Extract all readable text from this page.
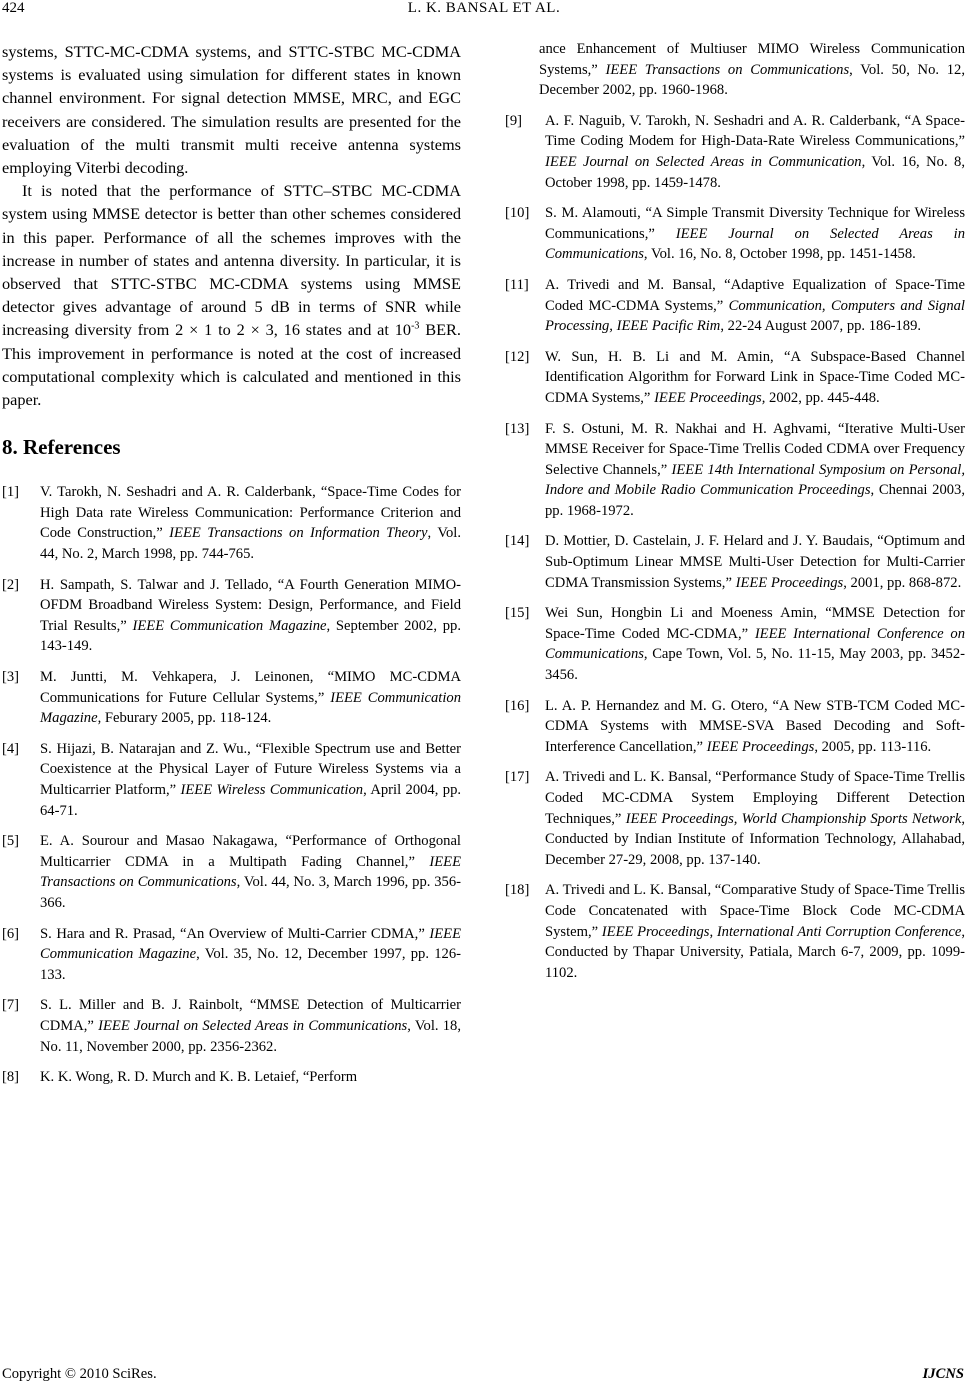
424	L. K. BANSAL ET AL.

systems, STTC-MC-CDMA systems, and STTC-STBC MC-CDMA systems is evaluated using simulation for different states in known channel environment. For signal detection MMSE, MRC, and EGC receivers are considered. The simulation results are presented for the evaluation of the multi transmit multi receive antenna systems employing Viterbi decoding.

It is noted that the performance of STTC–STBC MC-CDMA system using MMSE detector is better than other schemes considered in this paper. Performance of all the schemes improves with the increase in number of states and antenna diversity. In particular, it is observed that STTC-STBC MC-CDMA systems using MMSE detector gives advantage of around 5 dB in terms of SNR while increasing diversity from 2 × 1 to 2 × 3, 16 states and at $10^{-3}$ BER. This improvement in performance is noted at the cost of increased computational complexity which is calculated and mentioned in this paper.

8. References
[1]	V. Tarokh, N. Seshadri and A. R. Calderbank, “Space-Time Codes for High Data rate Wireless Communication: Performance Criterion and Code Construction,” IEEE Transactions on Information Theory, Vol. 44, No. 2, March 1998, pp. 744-765.
[2]	H. Sampath, S. Talwar and J. Tellado, “A Fourth Generation MIMO-OFDM Broadband Wireless System: Design, Performance, and Field Trial Results,” IEEE Communication Magazine, September 2002, pp. 143-149.
[3]	M. Juntti, M. Vehkapera, J. Leinonen, “MIMO MC-CDMA Communications for Future Cellular Systems,” IEEE Communication Magazine, Feburary 2005, pp. 118-124.
[4]	S. Hijazi, B. Natarajan and Z. Wu., “Flexible Spectrum use and Better Coexistence at the Physical Layer of Future Wireless Systems via a Multicarrier Platform,” IEEE Wireless Communication, April 2004, pp. 64-71.
[5]	E. A. Sourour and Masao Nakagawa, “Performance of Orthogonal Multicarrier CDMA in a Multipath Fading Channel,” IEEE Transactions on Communications, Vol. 44, No. 3, March 1996, pp. 356-366.
[6]	S. Hara and R. Prasad, “An Overview of Multi-Carrier CDMA,” IEEE Communication Magazine, Vol. 35, No. 12, December 1997, pp. 126-133.
[7]	S. L. Miller and B. J. Rainbolt, “MMSE Detection of Multicarrier CDMA,” IEEE Journal on Selected Areas in Communications, Vol. 18, No. 11, November 2000, pp. 2356-2362.
[8]	K. K. Wong, R. D. Murch and K. B. Letaief, “Perform
ance Enhancement of Multiuser MIMO Wireless Communication Systems,” IEEE Transactions on Communications, Vol. 50, No. 12, December 2002, pp. 1960-1968.
[9]	A. F. Naguib, V. Tarokh, N. Seshadri and A. R. Calderbank, “A Space-Time Coding Modem for High-Data-Rate Wireless Communications,” IEEE Journal on Selected Areas in Communication, Vol. 16, No. 8, October 1998, pp. 1459-1478.
[10]	S. M. Alamouti, “A Simple Transmit Diversity Technique for Wireless Communications,” IEEE Journal on Selected Areas in Communications, Vol. 16, No. 8, October 1998, pp. 1451-1458.
[11]	A. Trivedi and M. Bansal, “Adaptive Equalization of Space-Time Coded MC-CDMA Systems,” Communication, Computers and Signal Processing, IEEE Pacific Rim, 22-24 August 2007, pp. 186-189.
[12]	W. Sun, H. B. Li and M. Amin, “A Subspace-Based Channel Identification Algorithm for Forward Link in Space-Time Coded MC-CDMA Systems,” IEEE Proceedings, 2002, pp. 445-448.
[13]	F. S. Ostuni, M. R. Nakhai and H. Aghvami, “Iterative Multi-User MMSE Receiver for Space-Time Trellis Coded CDMA over Frequency Selective Channels,” IEEE 14th International Symposium on Personal, Indore and Mobile Radio Communication Proceedings, Chennai 2003, pp. 1968-1972.
[14]	D. Mottier, D. Castelain, J. F. Helard and J. Y. Baudais, “Optimum and Sub-Optimum Linear MMSE Multi-User Detection for Multi-Carrier CDMA Transmission Systems,” IEEE Proceedings, 2001, pp. 868-872.
[15]	Wei Sun, Hongbin Li and Moeness Amin, “MMSE Detection for Space-Time Coded MC-CDMA,” IEEE International Conference on Communications, Cape Town, Vol. 5, No. 11-15, May 2003, pp. 3452-3456.
[16]	L. A. P. Hernandez and M. G. Otero, “A New STB-TCM Coded MC-CDMA Systems with MMSE-SVA Based Decoding and Soft-Interference Cancellation,” IEEE Proceedings, 2005, pp. 113-116.
[17]	A. Trivedi and L. K. Bansal, “Performance Study of Space-Time Trellis Coded MC-CDMA System Employing Different Detection Techniques,” IEEE Proceedings, World Championship Sports Network, Conducted by Indian Institute of Information Technology, Allahabad, December 27-29, 2008, pp. 137-140.
[18]	A. Trivedi and L. K. Bansal, “Comparative Study of Space-Time Trellis Code Concatenated with Space-Time Block Code MC-CDMA System,” IEEE Proceedings, International Anti Corruption Conference, Conducted by Thapar University, Patiala, March 6-7, 2009, pp. 1099-1102.
Copyright © 2010 SciRes.	IJCNS
